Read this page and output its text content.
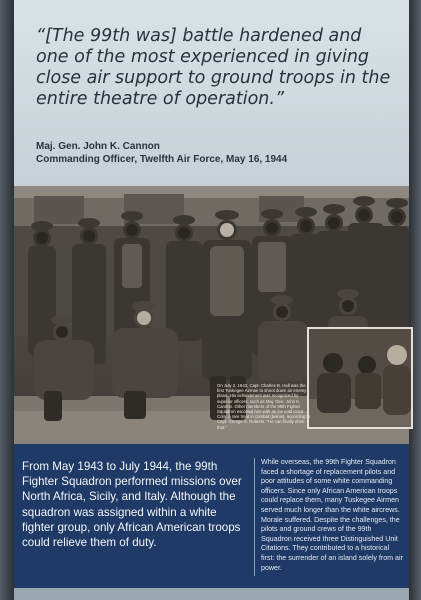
“[The 99th was] battle hardened and one of the most experienced in giving close air support to ground troops in the entire theatre of operation.”

Maj. Gen. John K. Cannon
Commanding Officer, Twelfth Air Force, May 16, 1944
On July 2, 1943, Capt. Charles B. Hall was the first Tuskegee Airman to shoot down an enemy plane. His achievement was recognized by superior officers, such as Maj. Gen. John K. Cannon. Other members of the 99th Fighter Squadron escorted him with an ice cold Coca Cola, a rare treat in combat (below), according to Capt. George S. Roberts. “He can finally drink that.”
From May 1943 to July 1944, the 99th Fighter Squadron performed missions over North Africa, Sicily, and Italy. Although the squadron was assigned within a white fighter group, only African American troops could relieve them of duty.
While overseas, the 99th Fighter Squadron faced a shortage of replacement pilots and poor attitudes of some white commanding officers. Since only African American troops could replace them, many Tuskegee Airmen served much longer than the white aircrews. Morale suffered. Despite the challenges, the pilots and ground crews of the 99th Squadron received three Distinguished Unit Citations. They contributed to a historical first: the surrender of an island solely from air power.
